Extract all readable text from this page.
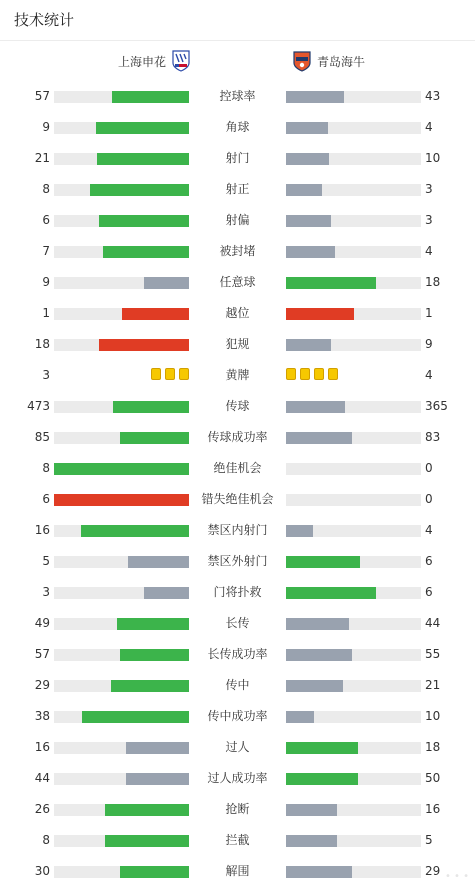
技术统计
上海申花	青岛海牛
57	控球率	43
9	角球	4
21	射门	10
8	射正	3
6	射偏	3
7	被封堵	4
9	任意球	18
1	越位	1
18	犯规	9
3	黄牌	4
473	传球	365
85	传球成功率	83
8	绝佳机会	0
6	错失绝佳机会	0
16	禁区内射门	4
5	禁区外射门	6
3	门将扑救	6
49	长传	44
57	长传成功率	55
29	传中	21
38	传中成功率	10
16	过人	18
44	过人成功率	50
26	抢断	16
8	拦截	5
30	解围	29 • • •
